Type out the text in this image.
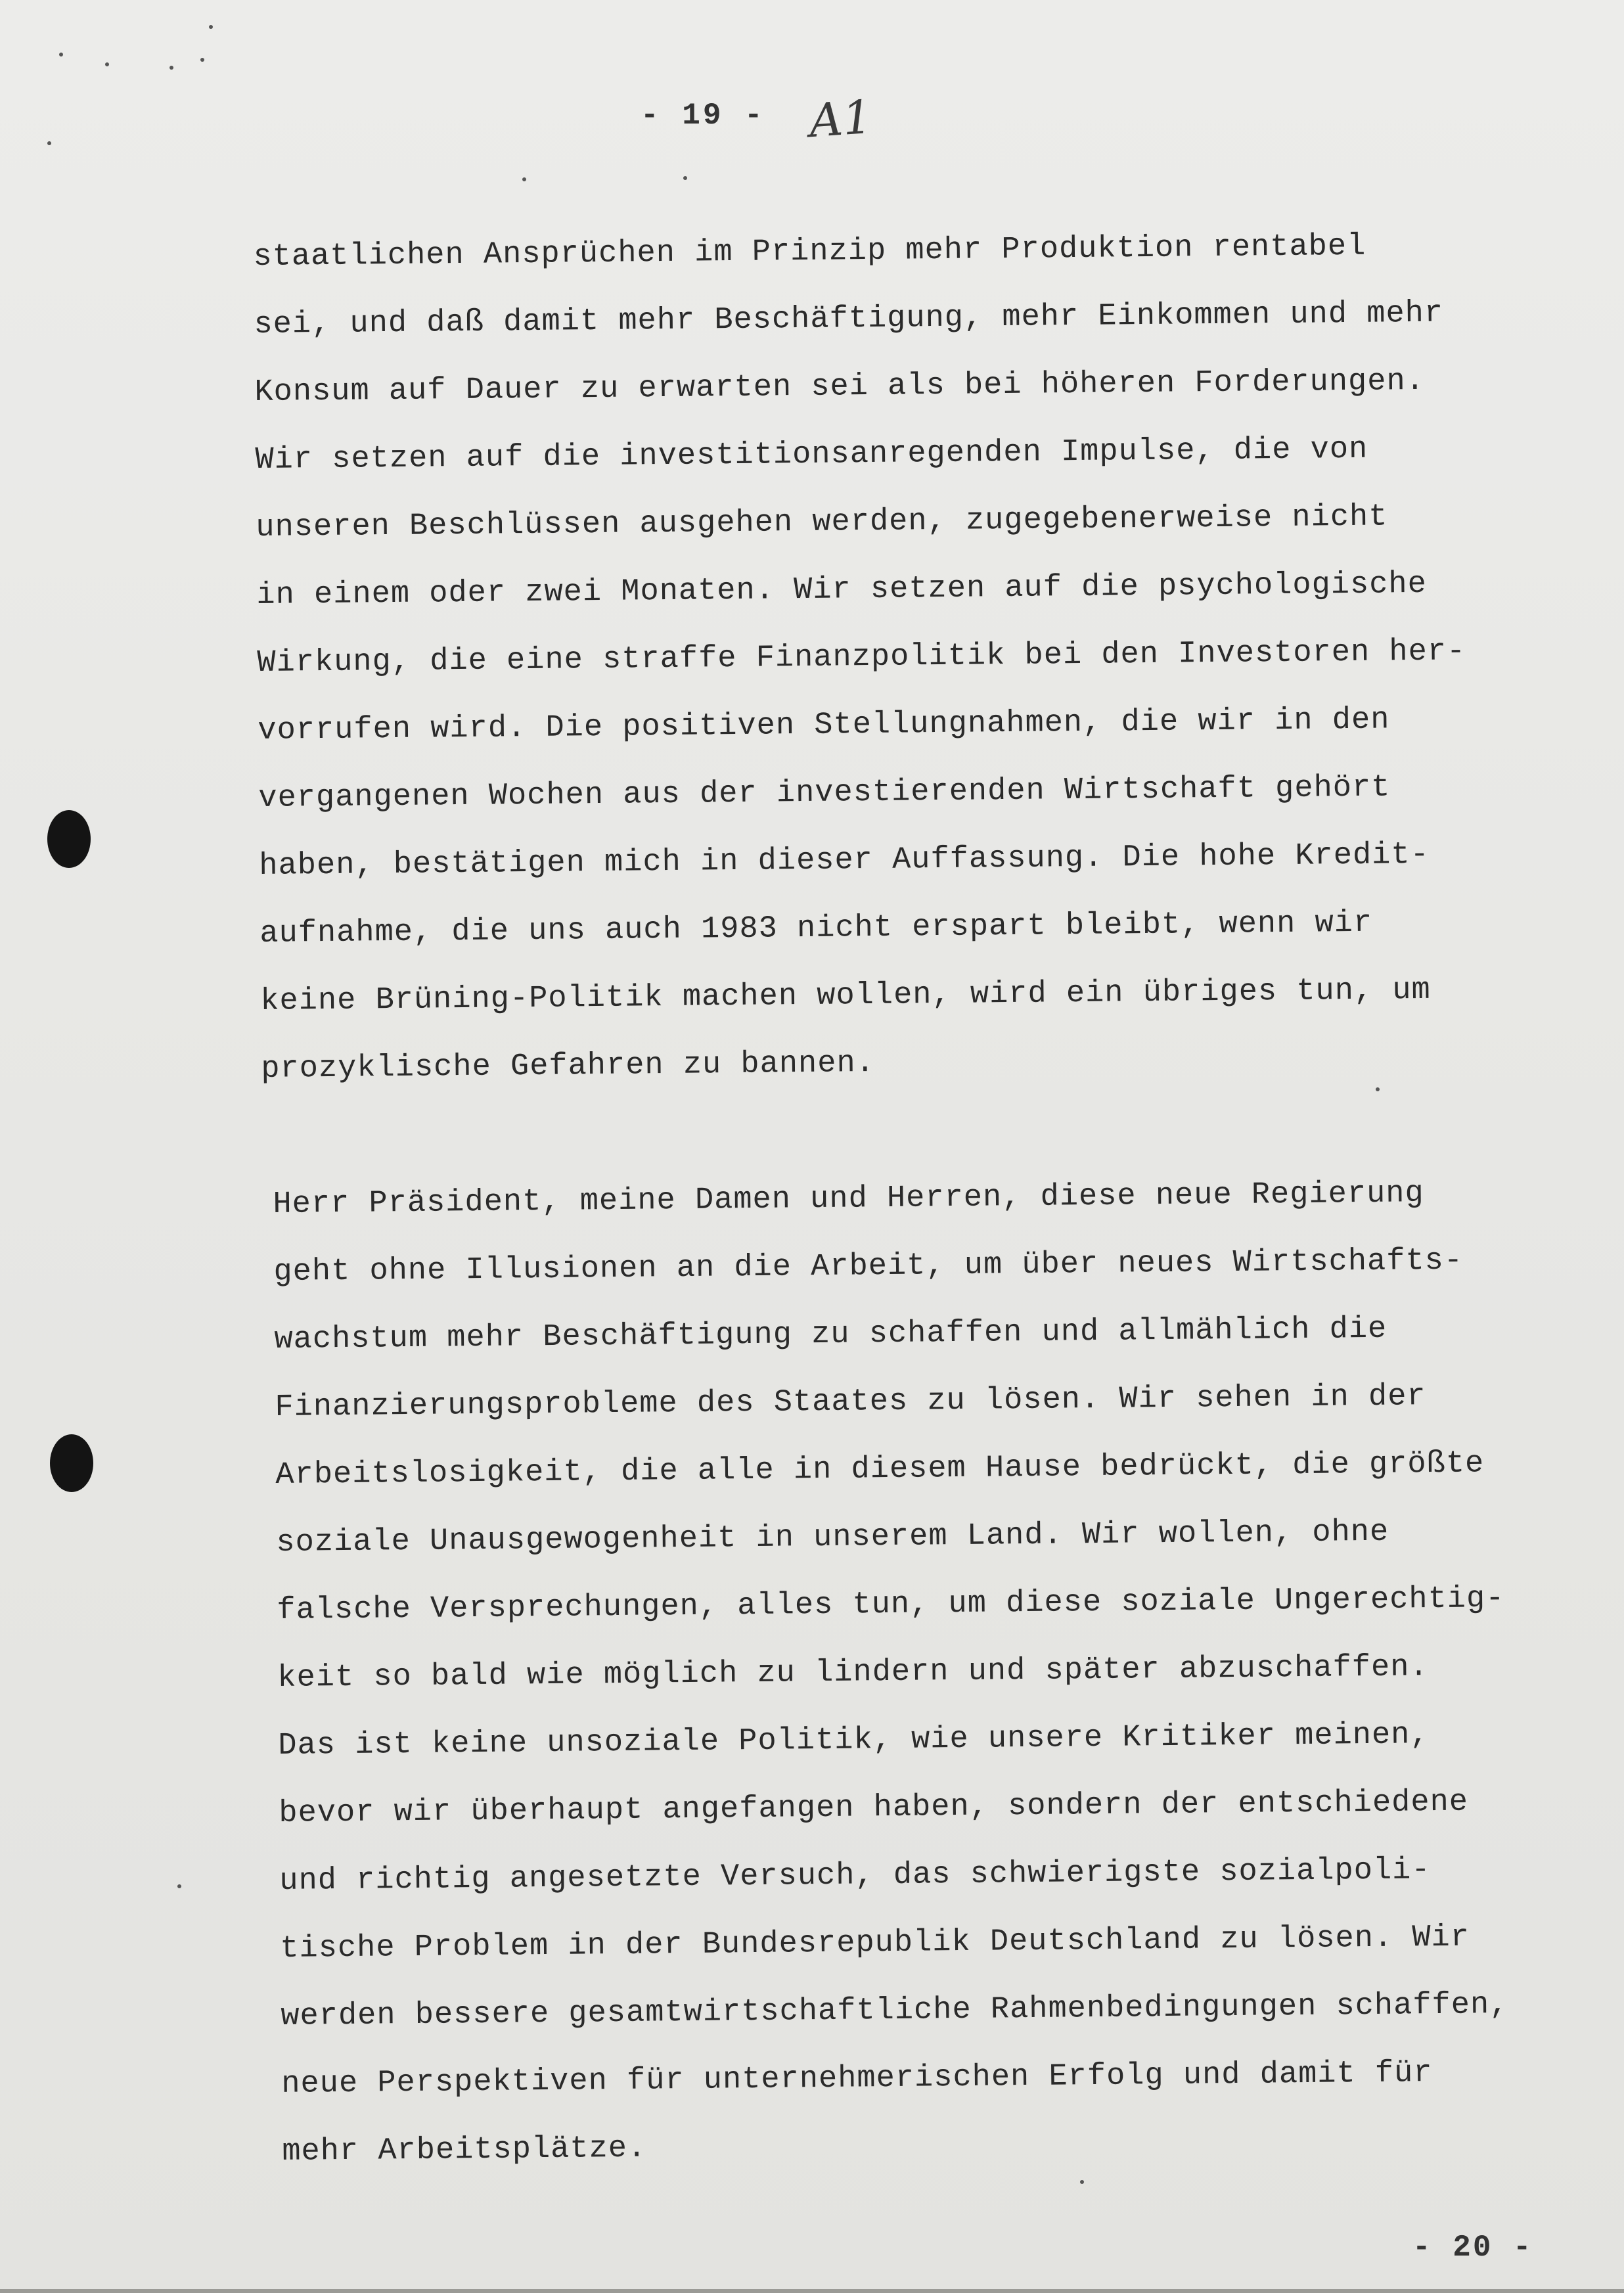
- 19 - A1
staatlichen Ansprüchen im Prinzip mehr Produktion rentabel
sei, und daß damit mehr Beschäftigung, mehr Einkommen und mehr
Konsum auf Dauer zu erwarten sei als bei höheren Forderungen.
Wir setzen auf die investitionsanregenden Impulse, die von
unseren Beschlüssen ausgehen werden, zugegebenerweise nicht
in einem oder zwei Monaten. Wir setzen auf die psychologische
Wirkung, die eine straffe Finanzpolitik bei den Investoren her-
vorrufen wird. Die positiven Stellungnahmen, die wir in den
vergangenen Wochen aus der investierenden Wirtschaft gehört
haben, bestätigen mich in dieser Auffassung. Die hohe Kredit-
aufnahme, die uns auch 1983 nicht erspart bleibt, wenn wir
keine Brüning-Politik machen wollen, wird ein übriges tun, um
prozyklische Gefahren zu bannen.
Herr Präsident, meine Damen und Herren, diese neue Regierung
geht ohne Illusionen an die Arbeit, um über neues Wirtschafts-
wachstum mehr Beschäftigung zu schaffen und allmählich die
Finanzierungsprobleme des Staates zu lösen. Wir sehen in der
Arbeitslosigkeit, die alle in diesem Hause bedrückt, die größte
soziale Unausgewogenheit in unserem Land. Wir wollen, ohne
falsche Versprechungen, alles tun, um diese soziale Ungerechtig-
keit so bald wie möglich zu lindern und später abzuschaffen.
Das ist keine unsoziale Politik, wie unsere Kritiker meinen,
bevor wir überhaupt angefangen haben, sondern der entschiedene
und richtig angesetzte Versuch, das schwierigste sozialpoli-
tische Problem in der Bundesrepublik Deutschland zu lösen. Wir
werden bessere gesamtwirtschaftliche Rahmenbedingungen schaffen,
neue Perspektiven für unternehmerischen Erfolg und damit für
mehr Arbeitsplätze.
- 20 -
